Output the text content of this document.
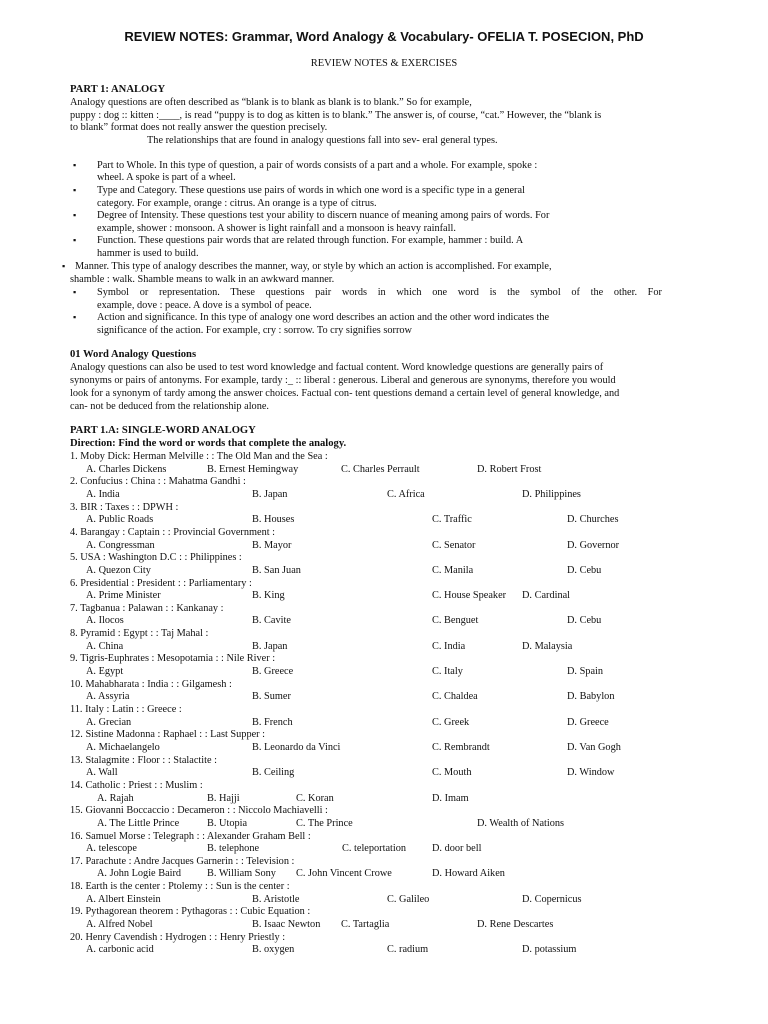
REVIEW NOTES: Grammar, Word Analogy & Vocabulary- OFELIA T. POSECION, PhD
REVIEW NOTES & EXERCISES
PART 1: ANALOGY
Analogy questions are often described as “blank is to blank as blank is to blank.” So for example,
puppy : dog :: kitten :____, is read “puppy is to dog as kitten is to blank.” The answer is, of course, “cat.” However, the “blank is
to blank” format does not really answer the question precisely.
The relationships that are found in analogy questions fall into sev- eral general types.
▪ Part to Whole. In this type of question, a pair of words consists of a part and a whole. For example, spoke :
wheel. A spoke is part of a wheel.
▪ Type and Category. These questions use pairs of words in which one word is a specific type in a general
category. For example, orange : citrus. An orange is a type of citrus.
▪ Degree of Intensity. These questions test your ability to discern nuance of meaning among pairs of words. For
example, shower : monsoon. A shower is light rainfall and a monsoon is heavy rainfall.
▪ Function. These questions pair words that are related through function. For example, hammer : build. A
hammer is used to build.
▪ Manner. This type of analogy describes the manner, way, or style by which an action is accomplished. For example,
shamble : walk. Shamble means to walk in an awkward manner.
▪ Symbol or representation. These questions pair words in which one word is the symbol of the other. For
example, dove : peace. A dove is a symbol of peace.
▪ Action and significance. In this type of analogy one word describes an action and the other word indicates the
significance of the action. For example, cry : sorrow. To cry signifies sorrow
01 Word Analogy Questions
Analogy questions can also be used to test word knowledge and factual content. Word knowledge questions are generally pairs of
synonyms or pairs of antonyms. For example, tardy :_ :: liberal : generous. Liberal and generous are synonyms, therefore you would
look for a synonym of tardy among the answer choices. Factual con- tent questions demand a certain level of general knowledge, and
can- not be deduced from the relationship alone.
PART 1.A: SINGLE-WORD ANALOGY
Direction: Find the word or words that complete the analogy.
1. Moby Dick: Herman Melville : : The Old Man and the Sea :
A. Charles Dickens	B. Ernest Hemingway	C. Charles Perrault	D. Robert Frost
2. Confucius : China : : Mahatma Gandhi :
A. India	B. Japan	C. Africa	D. Philippines
3. BIR : Taxes : : DPWH :
A. Public Roads	B. Houses	C. Traffic	D. Churches
4. Barangay : Captain : : Provincial Government :
A. Congressman	B. Mayor	C. Senator	D. Governor
5. USA : Washington D.C : : Philippines :
A. Quezon City	B. San Juan	C. Manila	D. Cebu
6. Presidential : President : : Parliamentary :
A. Prime Minister	B. King	C. House Speaker D. Cardinal
7. Tagbanua : Palawan : : Kankanay :
A. Ilocos	B. Cavite	C. Benguet	D. Cebu
8. Pyramid : Egypt : : Taj Mahal :
A. China	B. Japan	C. India	D. Malaysia
9. Tigris-Euphrates : Mesopotamia : : Nile River :
A. Egypt	B. Greece	C. Italy	D. Spain
10. Mahabharata : India : : Gilgamesh :
A. Assyria	B. Sumer	C. Chaldea	D. Babylon
11. Italy : Latin : : Greece :
A. Grecian	B. French	C. Greek	D. Greece
12. Sistine Madonna : Raphael : : Last Supper :
A. Michaelangelo	B. Leonardo da Vinci	C. Rembrandt	D. Van Gogh
13. Stalagmite : Floor : : Stalactite :
A. Wall	B. Ceiling	C. Mouth	D. Window
14. Catholic : Priest : : Muslim :
A. Rajah	B. Hajji	C. Koran	D. Imam
15. Giovanni Boccaccio : Decameron : : Niccolo Machiavelli :
A. The Little Prince	B. Utopia	C. The Prince	D. Wealth of Nations
16. Samuel Morse : Telegraph : : Alexander Graham Bell :
A. telescope	B. telephone	C. teleportation	D. door bell
17. Parachute : Andre Jacques Garnerin : : Television :
A. John Logie Baird	B. William Sony C. John Vincent Crowe	D. Howard Aiken
18. Earth is the center : Ptolemy : : Sun is the center :
A. Albert Einstein	B. Aristotle	C. Galileo	D. Copernicus
19. Pythagorean theorem : Pythagoras : : Cubic Equation :
A. Alfred Nobel	B. Isaac Newton C. Tartaglia	D. Rene Descartes
20. Henry Cavendish : Hydrogen : : Henry Priestly :
A. carbonic acid	B. oxygen	C. radium	D. potassium
